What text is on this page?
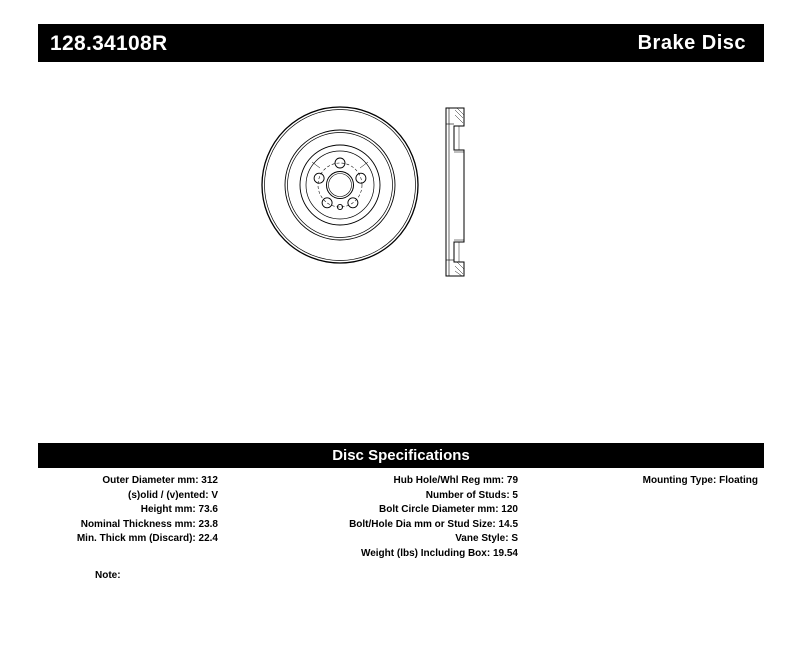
128.34108R	Brake Disc
Disc Specifications
Outer Diameter mm: 312
(s)olid / (v)ented: V
Height mm: 73.6
Nominal Thickness mm: 23.8
Min. Thick mm (Discard): 22.4
Hub Hole/Whl Reg mm: 79
Number of Studs: 5
Bolt Circle Diameter mm: 120
Bolt/Hole Dia mm or Stud Size: 14.5
Vane Style: S
Weight (lbs) Including Box: 19.54
Mounting Type: Floating
Note:
